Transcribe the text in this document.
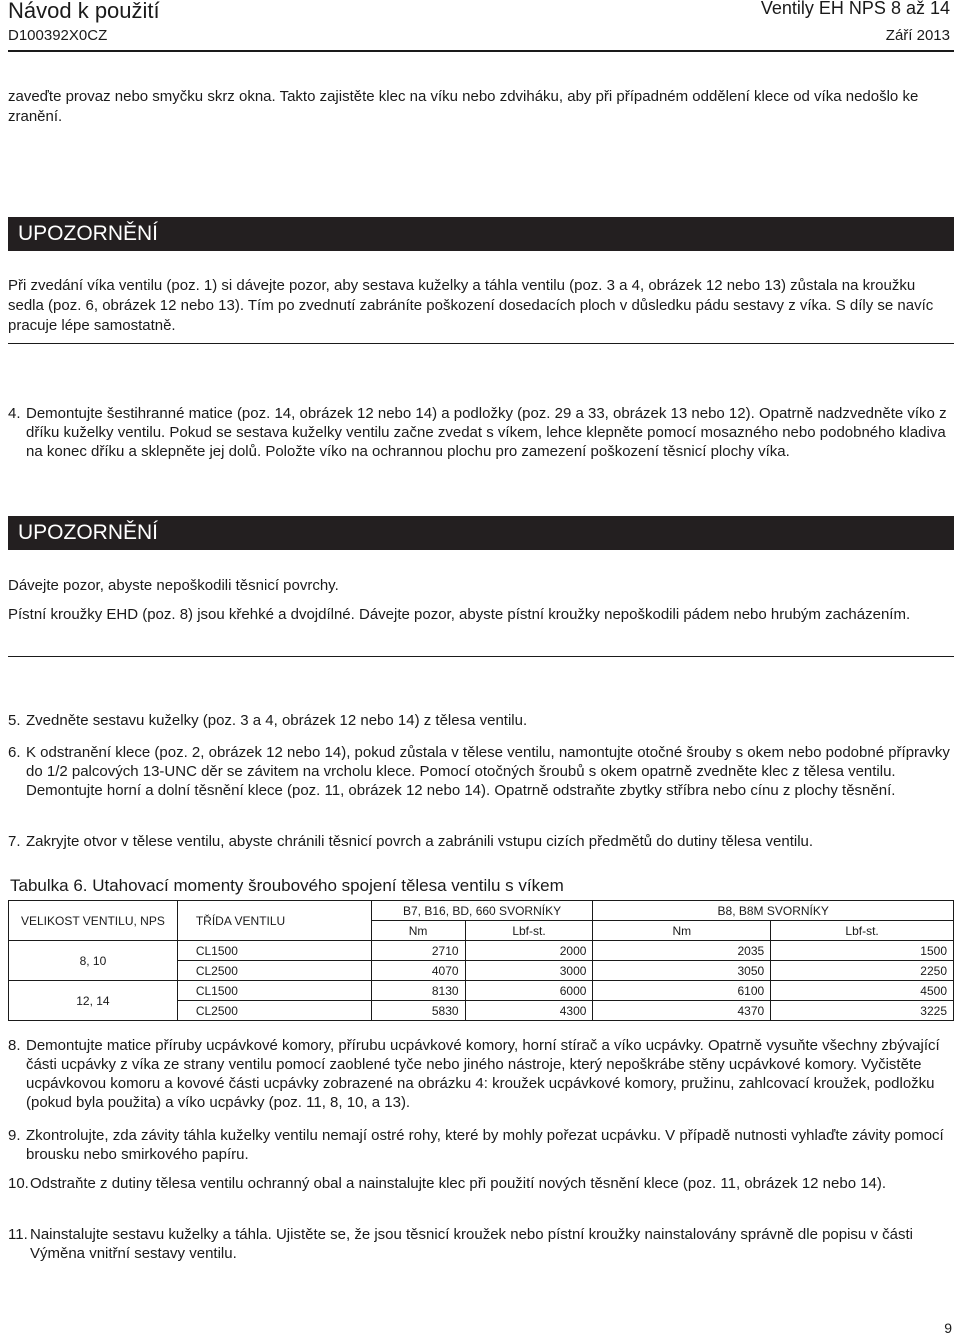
Návod k použití
D100392X0CZ
Ventily EH NPS 8 až 14
Září 2013
zaveďte provaz nebo smyčku skrz okna. Takto zajistěte klec na víku nebo zdviháku, aby při případném oddělení klece od víka nedošlo ke zranění.
UPOZORNĚNÍ
Při zvedání víka ventilu (poz. 1) si dávejte pozor, aby sestava kuželky a táhla ventilu (poz. 3 a 4, obrázek 12 nebo 13) zůstala na kroužku sedla (poz. 6, obrázek 12 nebo 13). Tím po zvednutí zabráníte poškození dosedacích ploch v důsledku pádu sestavy z víka. S díly se navíc pracuje lépe samostatně.
4. Demontujte šestihranné matice (poz. 14, obrázek 12 nebo 14) a podložky (poz. 29 a 33, obrázek 13 nebo 12). Opatrně nadzvedněte víko z dříku kuželky ventilu. Pokud se sestava kuželky ventilu začne zvedat s víkem, lehce klepněte pomocí mosazného nebo podobného kladiva na konec dříku a sklepněte jej dolů. Položte víko na ochrannou plochu pro zamezení poškození těsnicí plochy víka.
UPOZORNĚNÍ
Dávejte pozor, abyste nepoškodili těsnicí povrchy.
Pístní kroužky EHD (poz. 8) jsou křehké a dvojdílné. Dávejte pozor, abyste pístní kroužky nepoškodili pádem nebo hrubým zacházením.
5. Zvedněte sestavu kuželky (poz. 3 a 4, obrázek 12 nebo 14) z tělesa ventilu.
6. K odstranění klece (poz. 2, obrázek 12 nebo 14), pokud zůstala v tělese ventilu, namontujte otočné šrouby s okem nebo podobné přípravky do 1/2 palcových 13-UNC děr se závitem na vrcholu klece. Pomocí otočných šroubů s okem opatrně zvedněte klec z tělesa ventilu. Demontujte horní a dolní těsnění klece (poz. 11, obrázek 12 nebo 14). Opatrně odstraňte zbytky stříbra nebo cínu z plochy těsnění.
7. Zakryjte otvor v tělese ventilu, abyste chránili těsnicí povrch a zabránili vstupu cizích předmětů do dutiny tělesa ventilu.
Tabulka 6. Utahovací momenty šroubového spojení tělesa ventilu s víkem
VELIKOST VENTILU, NPS	TŘÍDA VENTILU	B7, B16, BD, 660 SVORNÍKY		B8, B8M SVORNÍKY	
		Nm	Lbf-st.	Nm	Lbf-st.
8, 10	CL1500	2710	2000	2035	1500
	CL2500	4070	3000	3050	2250
12, 14	CL1500	8130	6000	6100	4500
	CL2500	5830	4300	4370	3225
8. Demontujte matice příruby ucpávkové komory, přírubu ucpávkové komory, horní stírač a víko ucpávky. Opatrně vysuňte všechny zbývající části ucpávky z víka ze strany ventilu pomocí zaoblené tyče nebo jiného nástroje, který nepoškrábe stěny ucpávkové komory. Vyčistěte ucpávkovou komoru a kovové části ucpávky zobrazené na obrázku 4: kroužek ucpávkové komory, pružinu, zahlcovací kroužek, podložku (pokud byla použita) a víko ucpávky (poz. 11, 8, 10, a 13).
9. Zkontrolujte, zda závity táhla kuželky ventilu nemají ostré rohy, které by mohly pořezat ucpávku. V případě nutnosti vyhlaďte závity pomocí brousku nebo smirkového papíru.
10. Odstraňte z dutiny tělesa ventilu ochranný obal a nainstalujte klec při použití nových těsnění klece (poz. 11, obrázek 12 nebo 14).
11. Nainstalujte sestavu kuželky a táhla. Ujistěte se, že jsou těsnicí kroužek nebo pístní kroužky nainstalovány správně dle popisu v části Výměna vnitřní sestavy ventilu.
9
